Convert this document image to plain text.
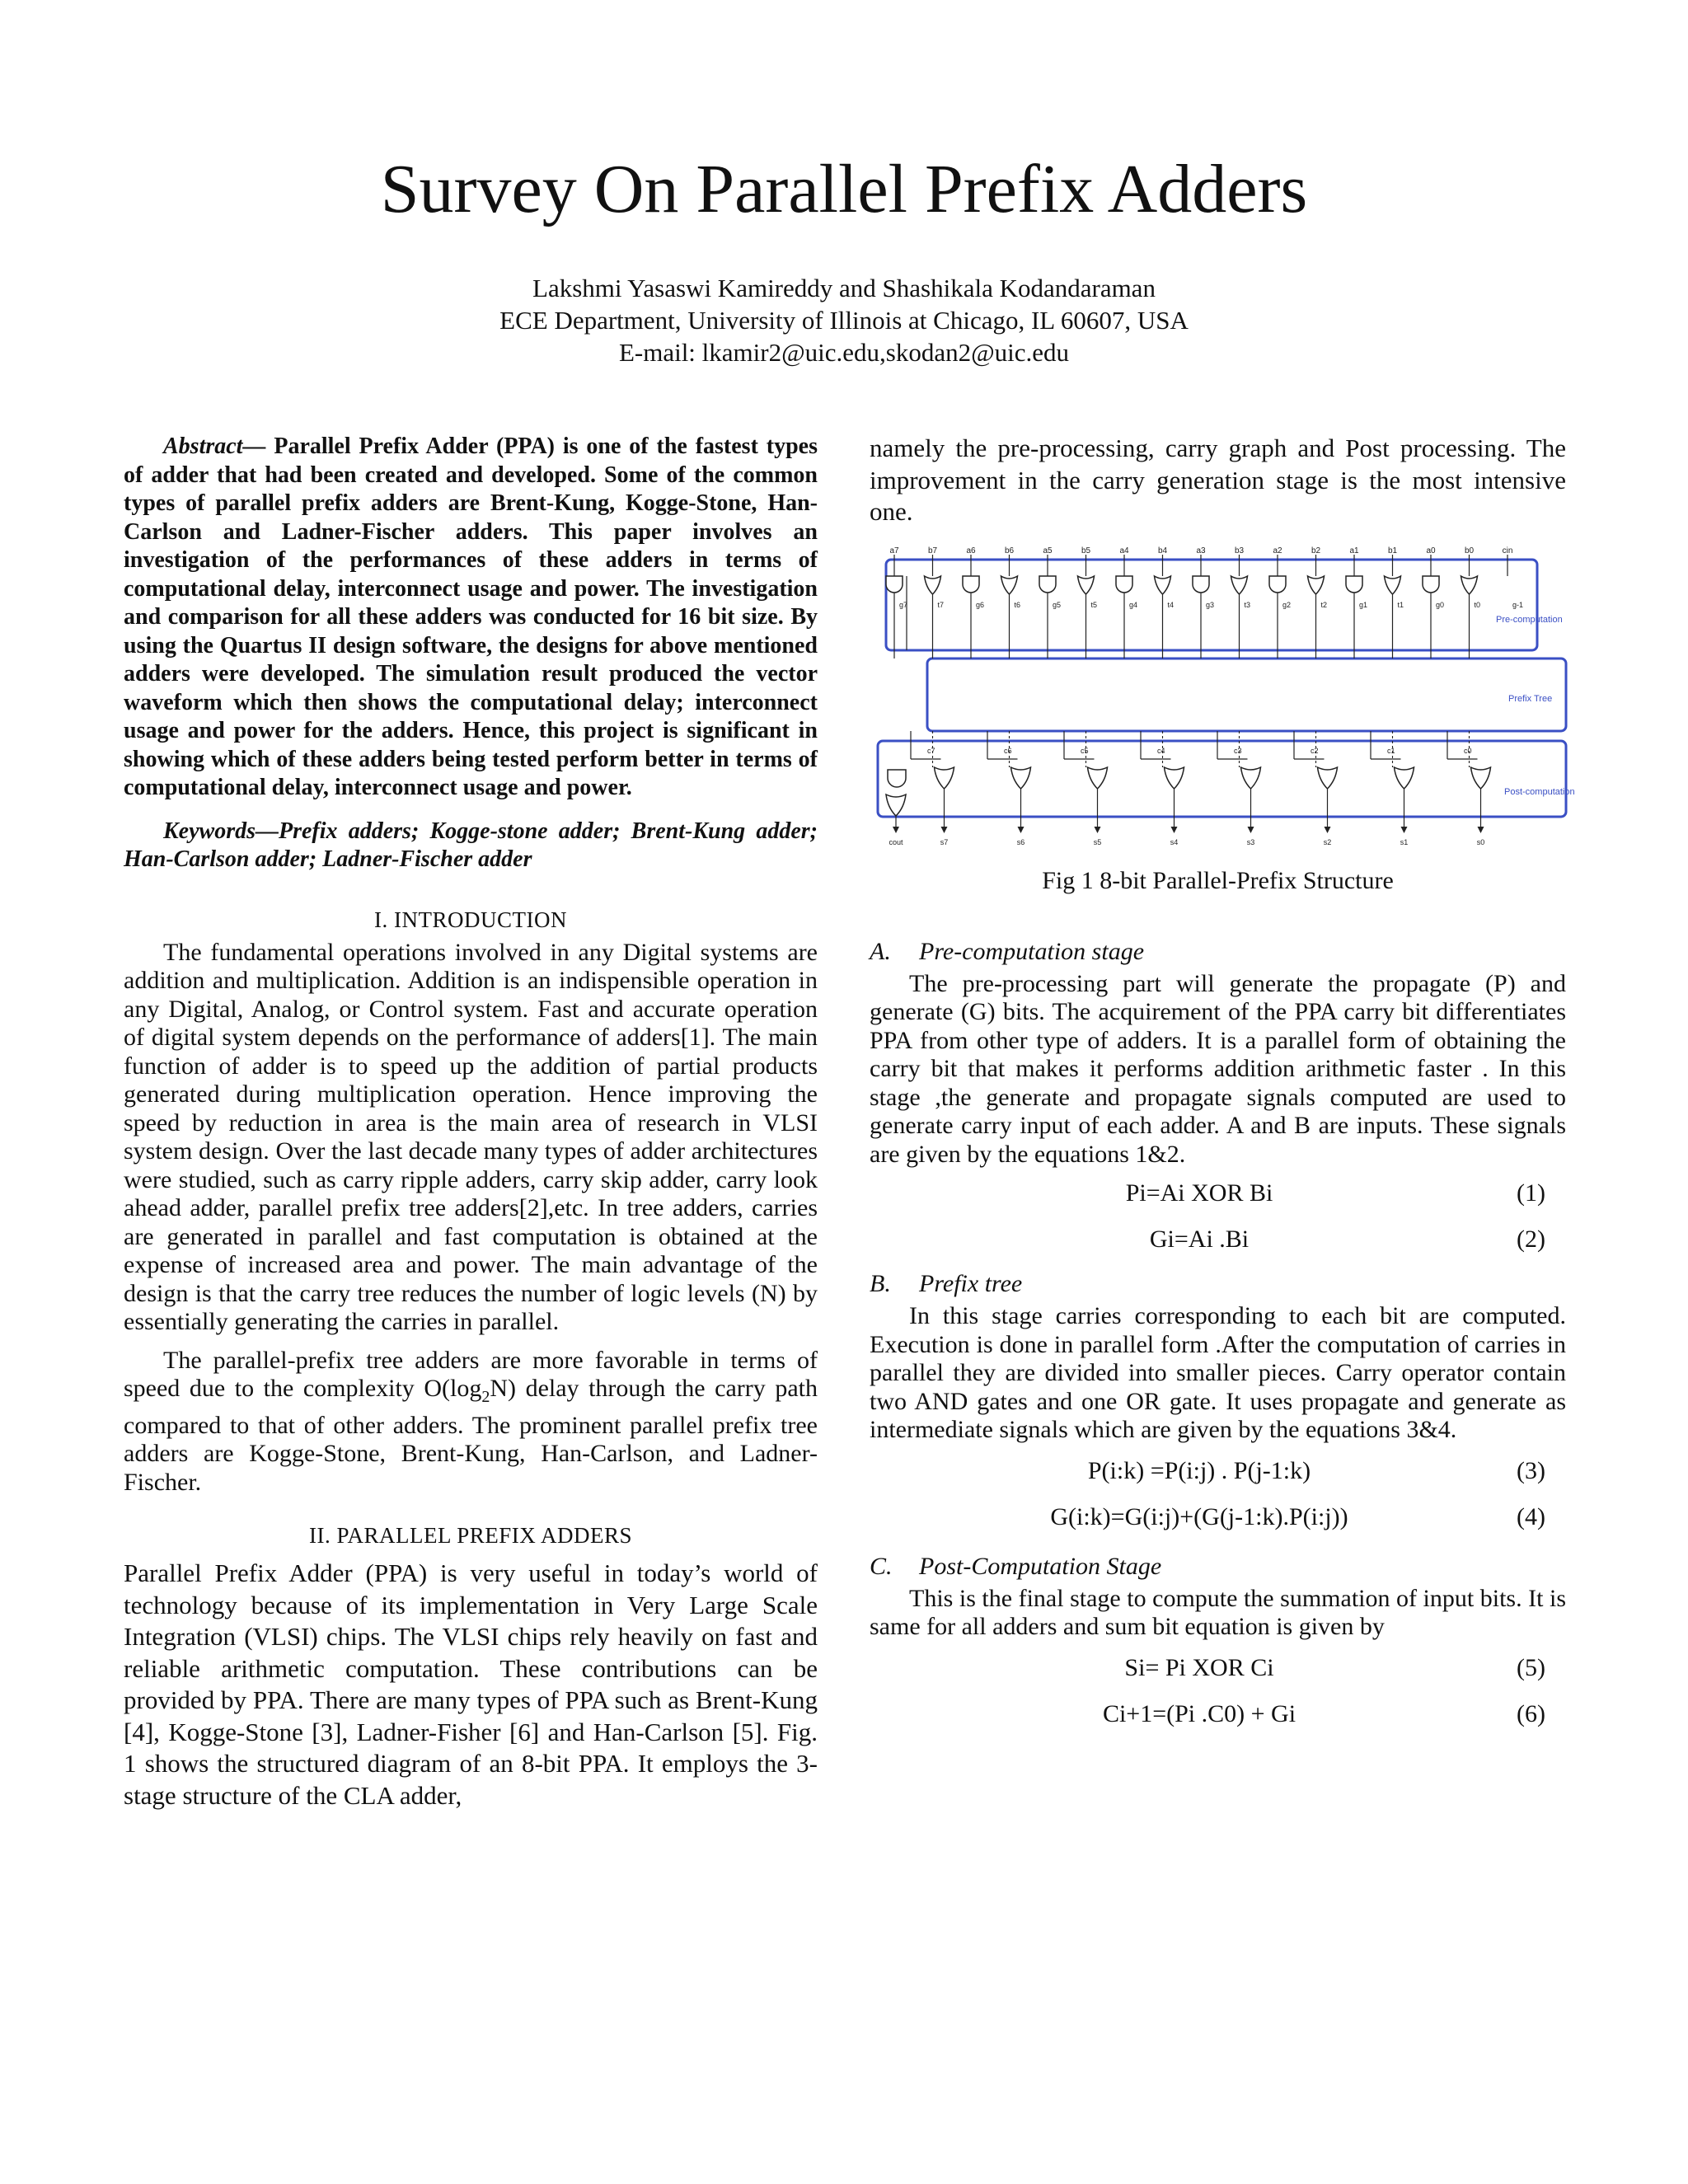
Survey On Parallel Prefix Adders
Lakshmi Yasaswi Kamireddy and Shashikala Kodandaraman
ECE Department, University of Illinois at Chicago, IL 60607, USA
E-mail: lkamir2@uic.edu,skodan2@uic.edu

Abstract— Parallel Prefix Adder (PPA) is one of the fastest types of adder that had been created and developed. Some of the common types of parallel prefix adders are Brent-Kung, Kogge-Stone, Han-Carlson and Ladner-Fischer adders. This paper involves an investigation of the performances of these adders in terms of computational delay, interconnect usage and power. The investigation and comparison for all these adders was conducted for 16 bit size. By using the Quartus II design software, the designs for above mentioned adders were developed. The simulation result produced the vector waveform which then shows the computational delay; interconnect usage and power for the adders. Hence, this project is significant in showing which of these adders being tested perform better in terms of computational delay, interconnect usage and power.

Keywords—Prefix adders; Kogge-stone adder; Brent-Kung adder; Han-Carlson adder; Ladner-Fischer adder
I. INTRODUCTION

The fundamental operations involved in any Digital systems are addition and multiplication. Addition is an indispensible operation in any Digital, Analog, or Control system. Fast and accurate operation of digital system depends on the performance of adders[1]. The main function of adder is to speed up the addition of partial products generated during multiplication operation. Hence improving the speed by reduction in area is the main area of research in VLSI system design. Over the last decade many types of adder architectures were studied, such as carry ripple adders, carry skip adder, carry look ahead adder, parallel prefix tree adders[2],etc. In tree adders, carries are generated in parallel and fast computation is obtained at the expense of increased area and power. The main advantage of the design is that the carry tree reduces the number of logic levels (N) by essentially generating the carries in parallel.

The parallel-prefix tree adders are more favorable in terms of speed due to the complexity $O(\log_2N)$ delay through the carry path compared to that of other adders. The prominent parallel prefix tree adders are Kogge-Stone, Brent-Kung, Han-Carlson, and Ladner- Fischer.

II. PARALLEL PREFIX ADDERS

Parallel Prefix Adder (PPA) is very useful in today’s world of technology because of its implementation in Very Large Scale Integration (VLSI) chips. The VLSI chips rely heavily on fast and reliable arithmetic computation. These contributions can be provided by PPA. There are many types of PPA such as Brent-Kung [4], Kogge-Stone [3], Ladner-Fisher [6] and Han-Carlson [5]. Fig. 1 shows the structured diagram of an 8-bit PPA. It employs the 3-stage structure of the CLA adder,

namely the pre-processing, carry graph and Post processing. The improvement in the carry generation stage is the most intensive one.

Pre-computation
Prefix Tree
Post-computation
a7	b7	a6	b6	a5	b5	a4	b4	a3	b3	a2	b2	a1	b1	a0	b0	cin
g7	t7	g6	t6	g5	t5	g4	t4	g3	t3	g2	t2	g1	t1	g0	t0	g-1
c7	c6	c5	c4	c3	c2	c1	c0
cout	s7	s6	s5	s4	s3	s2	s1	s0
Fig 1 8-bit Parallel-Prefix Structure
A. Pre-computation stage

The pre-processing part will generate the propagate (P) and generate (G) bits. The acquirement of the PPA carry bit differentiates PPA from other type of adders. It is a parallel form of obtaining the carry bit that makes it performs addition arithmetic faster . In this stage ,the generate and propagate signals computed are used to generate carry input of each adder. A and B are inputs. These signals are given by the equations 1&2.

Pi=Ai XOR Bi	(1)
Gi=Ai .Bi	(2)
B. Prefix tree

In this stage carries corresponding to each bit are computed. Execution is done in parallel form .After the computation of carries in parallel they are divided into smaller pieces. Carry operator contain two AND gates and one OR gate. It uses propagate and generate as intermediate signals which are given by the equations 3&4.

P(i:k) =P(i:j) . P(j-1:k)	(3)
G(i:k)=G(i:j)+(G(j-1:k).P(i:j))	(4)
C. Post-Computation Stage

This is the final stage to compute the summation of input bits. It is same for all adders and sum bit equation is given by

Si= Pi XOR Ci	(5)
Ci+1=(Pi .C0) + Gi	(6)
